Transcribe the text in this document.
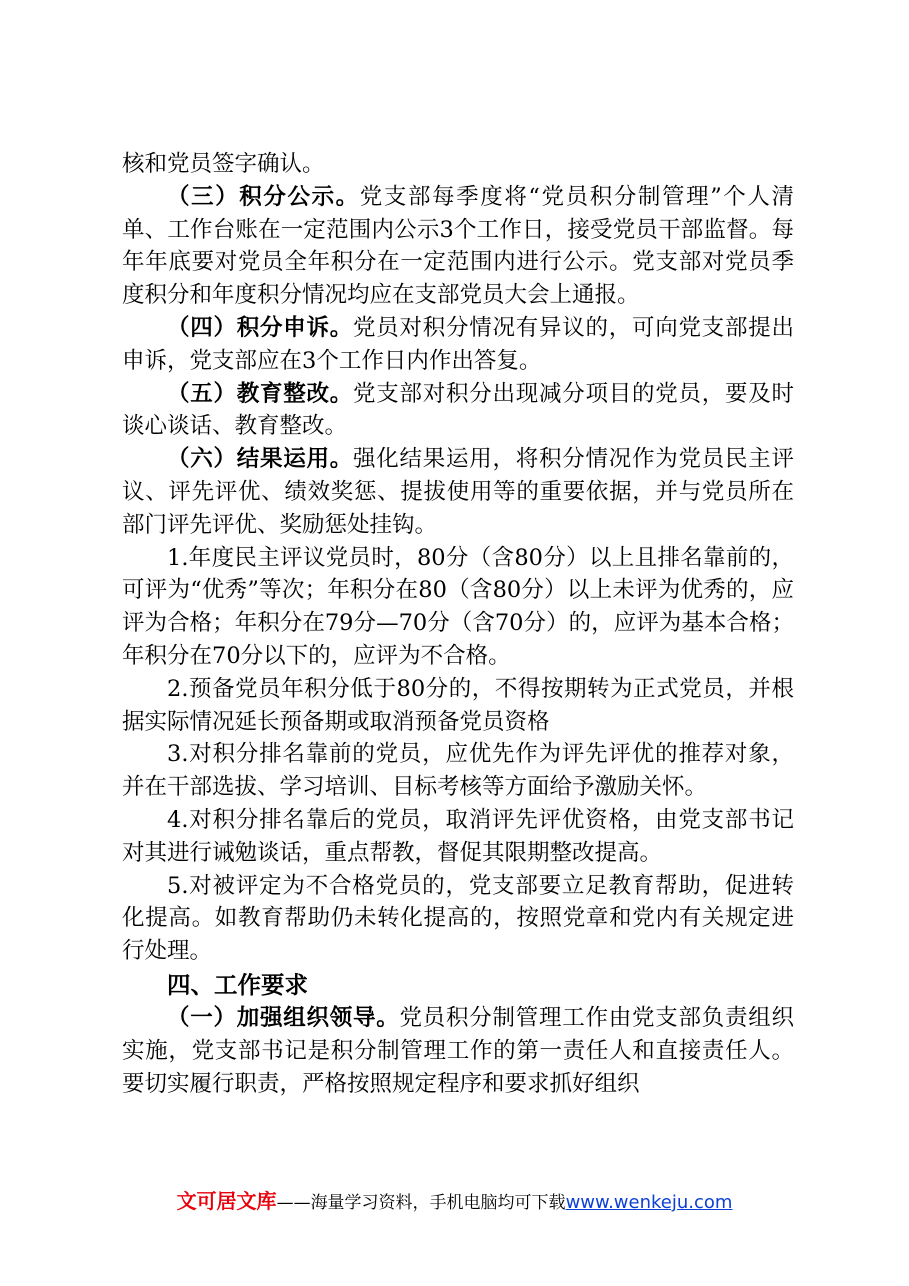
核和党员签字确认。

（三）积分公示。党支部每季度将“党员积分制管理”个人清单、工作台账在一定范围内公示3个工作日，接受党员干部监督。每年年底要对党员全年积分在一定范围内进行公示。党支部对党员季度积分和年度积分情况均应在支部党员大会上通报。

（四）积分申诉。党员对积分情况有异议的，可向党支部提出申诉，党支部应在3个工作日内作出答复。

（五）教育整改。党支部对积分出现减分项目的党员，要及时谈心谈话、教育整改。

（六）结果运用。强化结果运用，将积分情况作为党员民主评议、评先评优、绩效奖惩、提拔使用等的重要依据，并与党员所在部门评先评优、奖励惩处挂钩。

1.年度民主评议党员时，80分（含80分）以上且排名靠前的，可评为“优秀”等次；年积分在80（含80分）以上未评为优秀的，应评为合格；年积分在79分—70分（含70分）的，应评为基本合格；年积分在70分以下的，应评为不合格。

2.预备党员年积分低于80分的，不得按期转为正式党员，并根据实际情况延长预备期或取消预备党员资格

3.对积分排名靠前的党员，应优先作为评先评优的推荐对象，并在干部选拔、学习培训、目标考核等方面给予激励关怀。

4.对积分排名靠后的党员，取消评先评优资格，由党支部书记对其进行诫勉谈话，重点帮教，督促其限期整改提高。

5.对被评定为不合格党员的，党支部要立足教育帮助，促进转化提高。如教育帮助仍未转化提高的，按照党章和党内有关规定进行处理。

四、工作要求

（一）加强组织领导。党员积分制管理工作由党支部负责组织实施，党支部书记是积分制管理工作的第一责任人和直接责任人。要切实履行职责，严格按照规定程序和要求抓好组织

文可居文库——海量学习资料，手机电脑均可下载www.wenkeju.com
